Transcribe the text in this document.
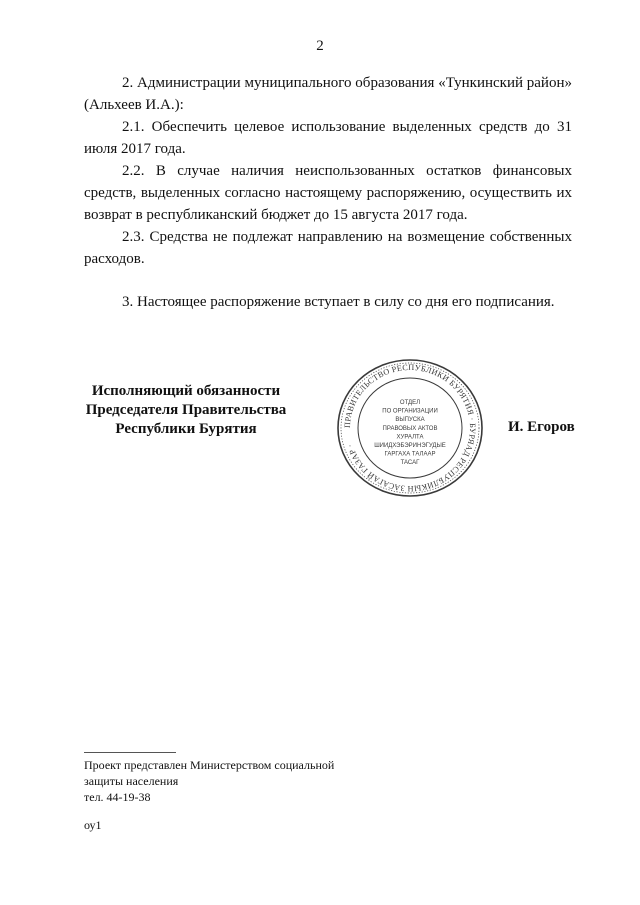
2

2. Администрации муниципального образования «Тункинский район» (Альхеев И.А.):

2.1. Обеспечить целевое использование выделенных средств до 31 июля 2017 года.

2.2. В случае наличия неиспользованных остатков финансовых средств, выделенных согласно настоящему распоряжению, осуществить их возврат в республиканский бюджет до 15 августа 2017 года.

2.3. Средства не подлежат направлению на возмещение собственных расходов.

3. Настоящее распоряжение вступает в силу со дня его подписания.

Исполняющий обязанности
Председателя Правительства
Республики Бурятия	ПРАВИТЕЛЬСТВО РЕСПУБЛИКИ БУРЯТИЯ · БУРЯАД РЕСПУБЛИКЫН ЗАСАГАЙ ГАЗАР ·
ОТДЕЛ
ПО ОРГАНИЗАЦИИ
ВЫПУСКА
ПРАВОВЫХ АКТОВ
ХУРАЛТА
ШИИДХЭБЭРИНЭГУДЫЕ
ГАРГАХА ТАЛААР
ТАСАГ
И. Егоров
Проект представлен Министерством социальной
защиты населения
тел. 44-19-38
оу1
